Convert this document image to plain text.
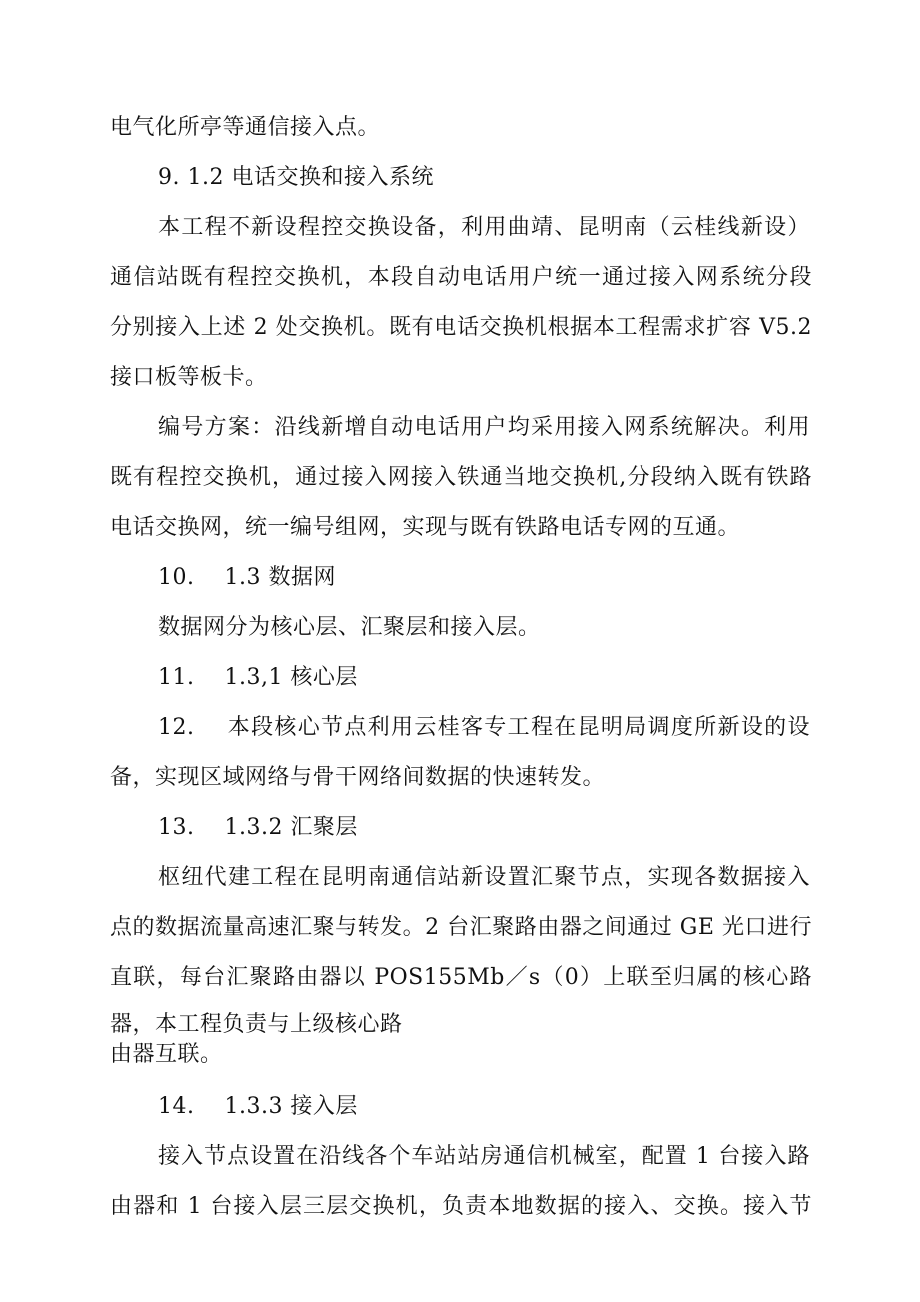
电气化所亭等通信接入点。
9. 1.2 电话交换和接入系统
本工程不新设程控交换设备，利用曲靖、昆明南（云桂线新设）
通信站既有程控交换机，本段自动电话用户统一通过接入网系统分段
分别接入上述 2 处交换机。既有电话交换机根据本工程需求扩容 V5.2
接口板等板卡。
编号方案：沿线新增自动电话用户均采用接入网系统解决。利用
既有程控交换机，通过接入网接入铁通当地交换机,分段纳入既有铁路
电话交换网，统一编号组网，实现与既有铁路电话专网的互通。
10.    1.3 数据网
数据网分为核心层、汇聚层和接入层。
11.    1.3,1 核心层
12.    本段核心节点利用云桂客专工程在昆明局调度所新设的设
备，实现区域网络与骨干网络间数据的快速转发。
13.    1.3.2 汇聚层
枢纽代建工程在昆明南通信站新设置汇聚节点，实现各数据接入
点的数据流量高速汇聚与转发。2 台汇聚路由器之间通过 GE 光口进行
直联，每台汇聚路由器以 POS155Mb／s（0）上联至归属的核心路
器，本工程负责与上级核心路
由器互联。
14.    1.3.3 接入层
接入节点设置在沿线各个车站站房通信机械室，配置 1 台接入路
由器和 1 台接入层三层交换机，负责本地数据的接入、交换。接入节
